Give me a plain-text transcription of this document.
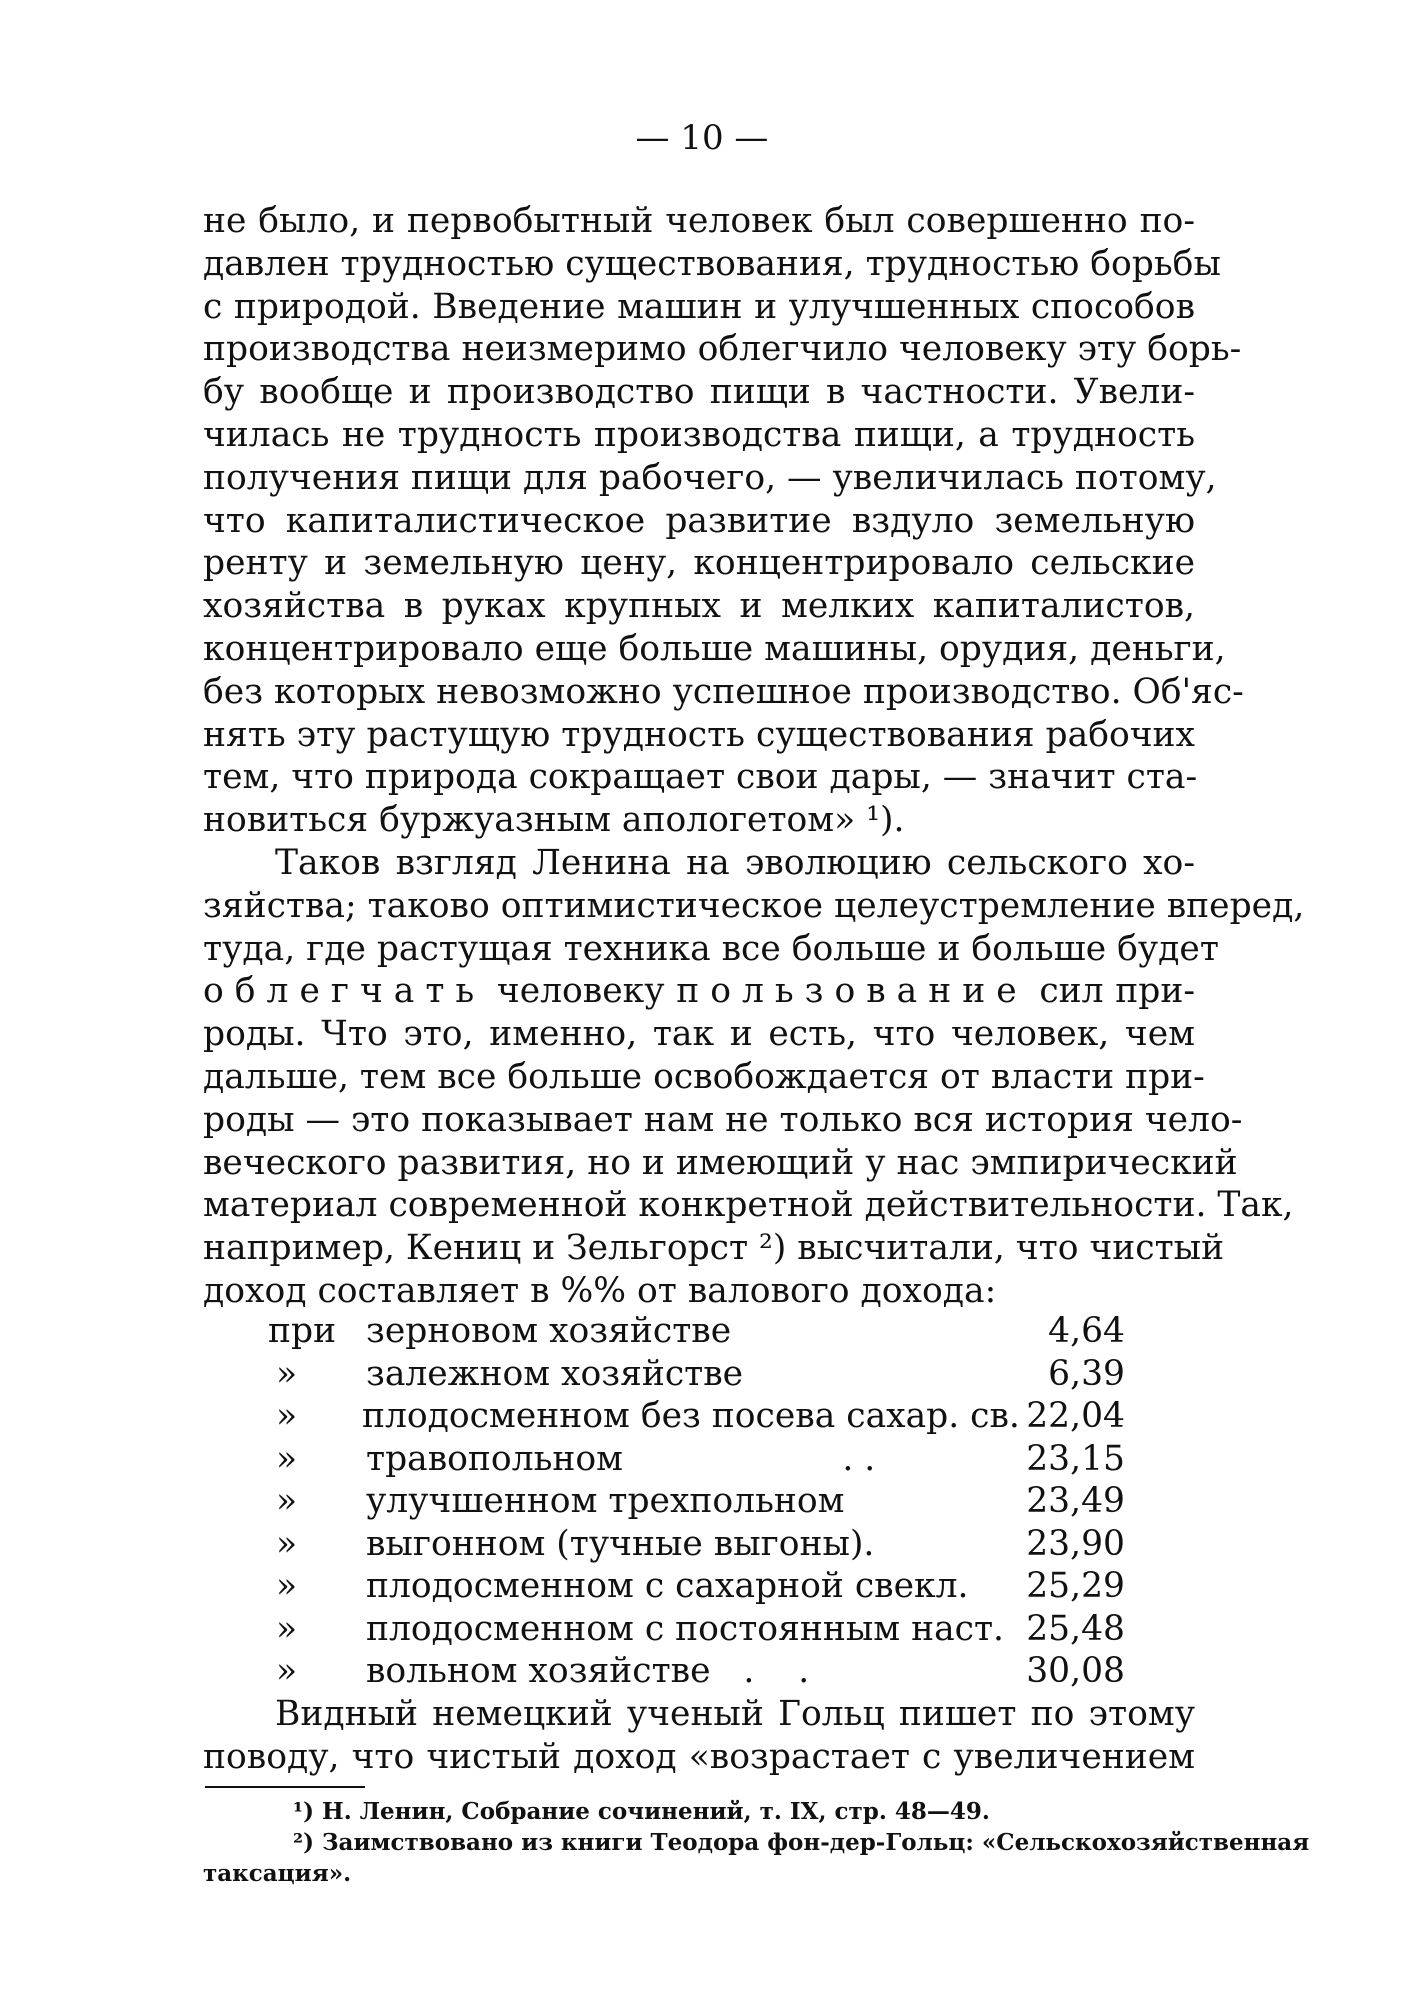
— 10 —
не было, и первобытный человек был совершенно по-
давлен трудностью существования, трудностью борьбы
с природой. Введение машин и улучшенных способов
производства неизмеримо облегчило человеку эту борь-
бу вообще и производство пищи в частности. Увели-
чилась не трудность производства пищи, а трудность
получения пищи для рабочего, — увеличилась потому,
что капиталистическое развитие вздуло земельную
ренту и земельную цену, концентрировало сельские
хозяйства в руках крупных и мелких капиталистов,
концентрировало еще больше машины, орудия, деньги,
без которых невозможно успешное производство. Об'яс-
нять эту растущую трудность существования рабочих
тем, что природа сокращает свои дары, — значит ста-
новиться буржуазным апологетом» ¹).
Таков взгляд Ленина на эволюцию сельского хо-
зяйства; таково оптимистическое целеустремление вперед,
туда, где растущая техника все больше и больше будет
облегчать человеку пользование сил при-
роды. Что это, именно, так и есть, что человек, чем
дальше, тем все больше освобождается от власти при-
роды — это показывает нам не только вся история чело-
веческого развития, но и имеющий у нас эмпирический
материал современной конкретной действительности. Так,
например, Кениц и Зельгорст ²) высчитали, что чистый
доход составляет в %% от валового дохода:
при зерновом хозяйстве	4,64
»	залежном хозяйстве	6,39
»	плодосменном без посева сахар. св. 22,04
»	травопольном                    . .	23,15
»	улучшенном трехпольном	23,49
»	выгонном (тучные выгоны).	23,90
»	плодосменном с сахарной свекл.	25,29
»	плодосменном с постоянным наст. 25,48
»	вольном хозяйстве   .    .	30,08
Видный немецкий ученый Гольц пишет по этому
поводу, что чистый доход «возрастает с увеличением
¹) Н. Ленин, Собрание сочинений, т. IX, стр. 48—49.
²) Заимствовано из книги Теодора фон-дер-Гольц: «Сельскохозяйственная
таксация».
